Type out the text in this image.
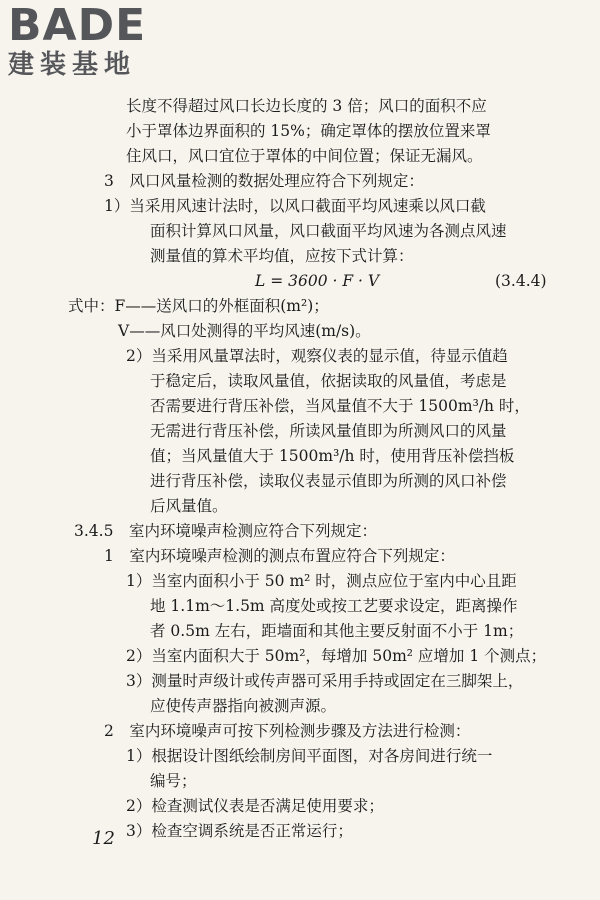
BADE
建装基地
长度不得超过风口长边长度的 3 倍；风口的面积不应
小于罩体边界面积的 15%；确定罩体的摆放位置来罩
住风口，风口宜位于罩体的中间位置；保证无漏风。
3　风口风量检测的数据处理应符合下列规定：
1）当采用风速计法时，以风口截面平均风速乘以风口截
面积计算风口风量，风口截面平均风速为各测点风速
测量值的算术平均值，应按下式计算：
L = 3600 · F · V	(3.4.4)
式中：F——送风口的外框面积(m²)；
V——风口处测得的平均风速(m/s)。
2）当采用风量罩法时，观察仪表的显示值，待显示值趋
于稳定后，读取风量值，依据读取的风量值，考虑是
否需要进行背压补偿，当风量值不大于 1500m³/h 时，
无需进行背压补偿，所读风量值即为所测风口的风量
值；当风量值大于 1500m³/h 时，使用背压补偿挡板
进行背压补偿，读取仪表显示值即为所测的风口补偿
后风量值。
3.4.5　室内环境噪声检测应符合下列规定：
1　室内环境噪声检测的测点布置应符合下列规定：
1）当室内面积小于 50 m² 时，测点应位于室内中心且距
地 1.1m～1.5m 高度处或按工艺要求设定，距离操作
者 0.5m 左右，距墙面和其他主要反射面不小于 1m；
2）当室内面积大于 50m²，每增加 50m² 应增加 1 个测点；
3）测量时声级计或传声器可采用手持或固定在三脚架上，
应使传声器指向被测声源。
2　室内环境噪声可按下列检测步骤及方法进行检测：
1）根据设计图纸绘制房间平面图，对各房间进行统一
编号；
2）检查测试仪表是否满足使用要求；
3）检查空调系统是否正常运行；
12
